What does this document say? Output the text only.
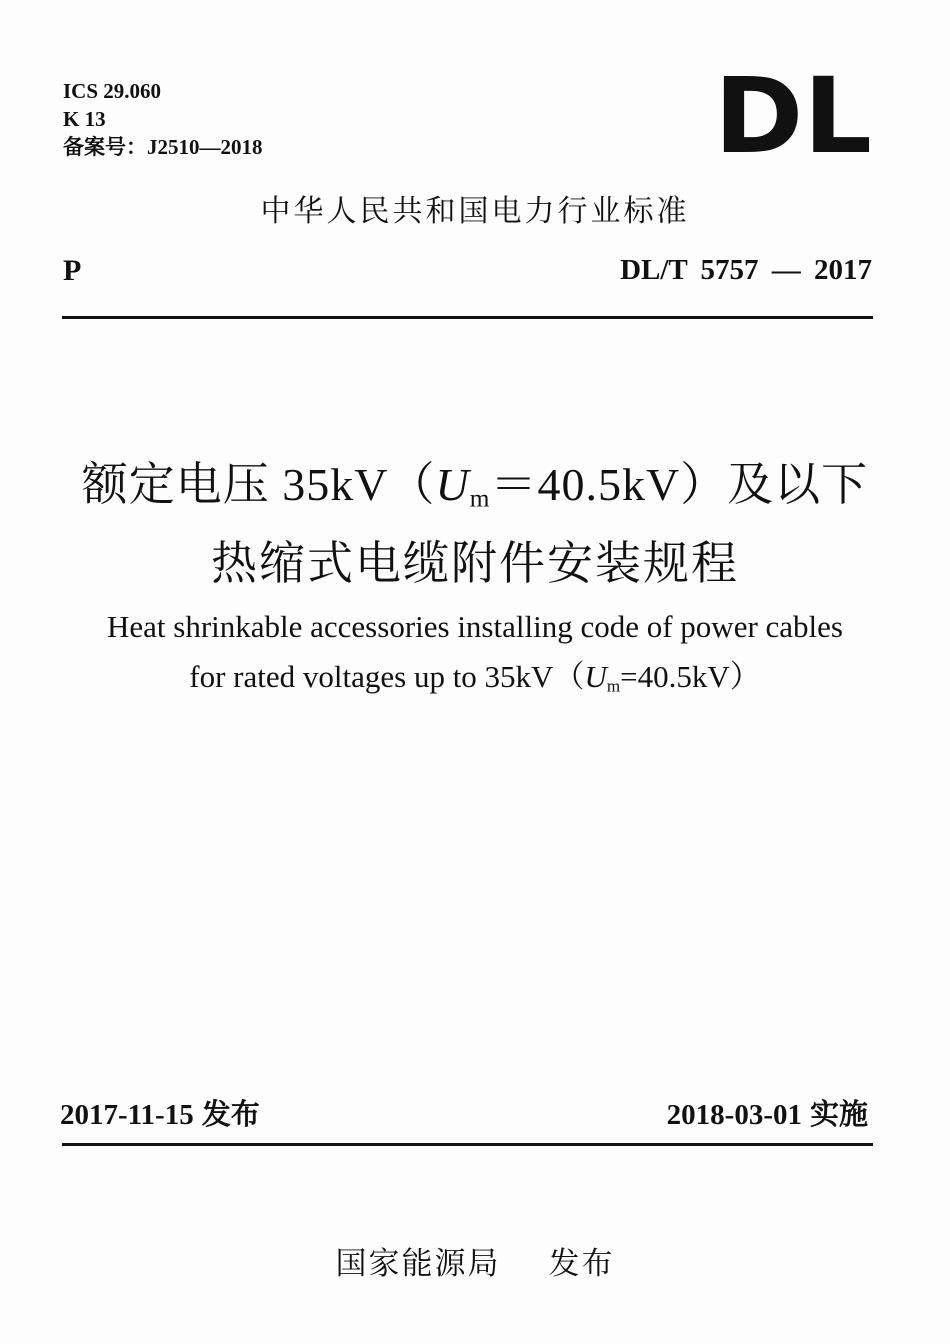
ICS 29.060

K 13

备案号：J2510—2018	DL

中华人民共和国电力行业标准

P	DL/T 5757 — 2017

额定电压 $35kV(U_m=40.5kV)$及以下

热缩式电缆附件安装规程

Heat shrinkable accessories installing code of power cables

for rated voltages up to $35kV(U_m=40.5kV)$

2017-11-15 发布	2018-03-01 实施

国家能源局 发布
